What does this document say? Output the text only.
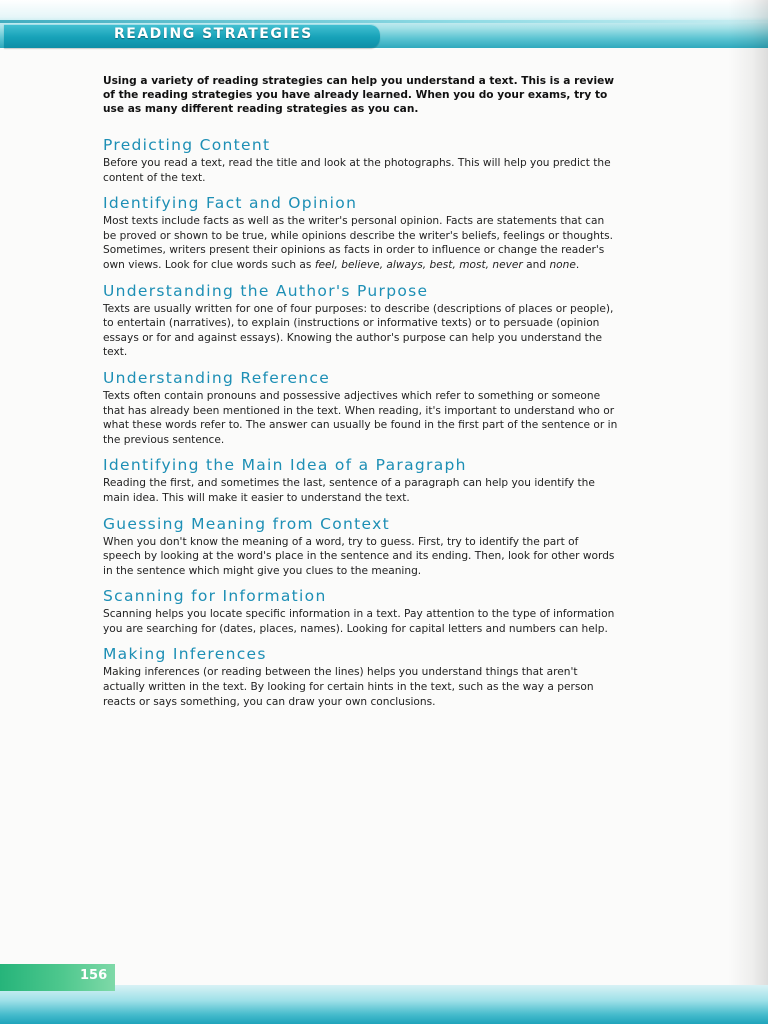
READING STRATEGIES

Using a variety of reading strategies can help you understand a text. This is a review of the reading strategies you have already learned. When you do your exams, try to use as many different reading strategies as you can.

Predicting Content

Before you read a text, read the title and look at the photographs. This will help you predict the content of the text.

Identifying Fact and Opinion

Most texts include facts as well as the writer's personal opinion. Facts are statements that can be proved or shown to be true, while opinions describe the writer's beliefs, feelings or thoughts. Sometimes, writers present their opinions as facts in order to influence or change the reader's own views. Look for clue words such as feel, believe, always, best, most, never and none.

Understanding the Author's Purpose

Texts are usually written for one of four purposes: to describe (descriptions of places or people), to entertain (narratives), to explain (instructions or informative texts) or to persuade (opinion essays or for and against essays). Knowing the author's purpose can help you understand the text.

Understanding Reference

Texts often contain pronouns and possessive adjectives which refer to something or someone that has already been mentioned in the text. When reading, it's important to understand who or what these words refer to. The answer can usually be found in the first part of the sentence or in the previous sentence.

Identifying the Main Idea of a Paragraph

Reading the first, and sometimes the last, sentence of a paragraph can help you identify the main idea. This will make it easier to understand the text.

Guessing Meaning from Context

When you don't know the meaning of a word, try to guess. First, try to identify the part of speech by looking at the word's place in the sentence and its ending. Then, look for other words in the sentence which might give you clues to the meaning.

Scanning for Information

Scanning helps you locate specific information in a text. Pay attention to the type of information you are searching for (dates, places, names). Looking for capital letters and numbers can help.

Making Inferences

Making inferences (or reading between the lines) helps you understand things that aren't actually written in the text. By looking for certain hints in the text, such as the way a person reacts or says something, you can draw your own conclusions.

156
